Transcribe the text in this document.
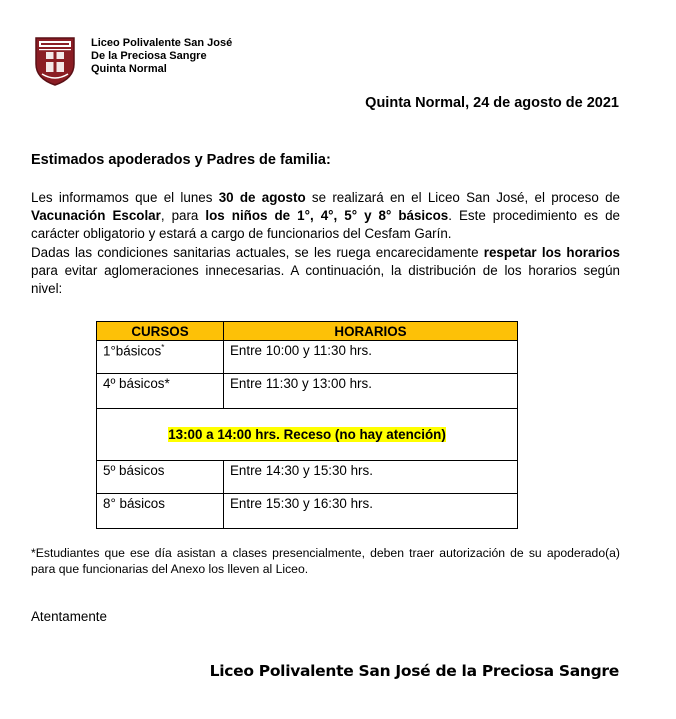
Liceo Polivalente San José
De la Preciosa Sangre
Quinta Normal
Quinta Normal, 24 de agosto de 2021
Estimados apoderados y Padres de familia:

Les informamos que el lunes 30 de agosto se realizará en el Liceo San José, el proceso de Vacunación Escolar, para los niños de 1°, 4°, 5° y 8° básicos. Este procedimiento es de carácter obligatorio y estará a cargo de funcionarios del Cesfam Garín.

Dadas las condiciones sanitarias actuales, se les ruega encarecidamente respetar los horarios para evitar aglomeraciones innecesarias. A continuación, la distribución de los horarios según nivel:

CURSOS	HORARIOS
1°básicos*	Entre 10:00 y 11:30 hrs.
4º básicos*	Entre 11:30 y 13:00 hrs.
13:00 a 14:00 hrs. Receso (no hay atención)	
5º básicos	Entre 14:30 y 15:30 hrs.
8° básicos	Entre 15:30 y 16:30 hrs.
*Estudiantes que ese día asistan a clases presencialmente, deben traer autorización de su apoderado(a) para que funcionarias del Anexo los lleven al Liceo.
Atentamente
Liceo Polivalente San José de la Preciosa Sangre
